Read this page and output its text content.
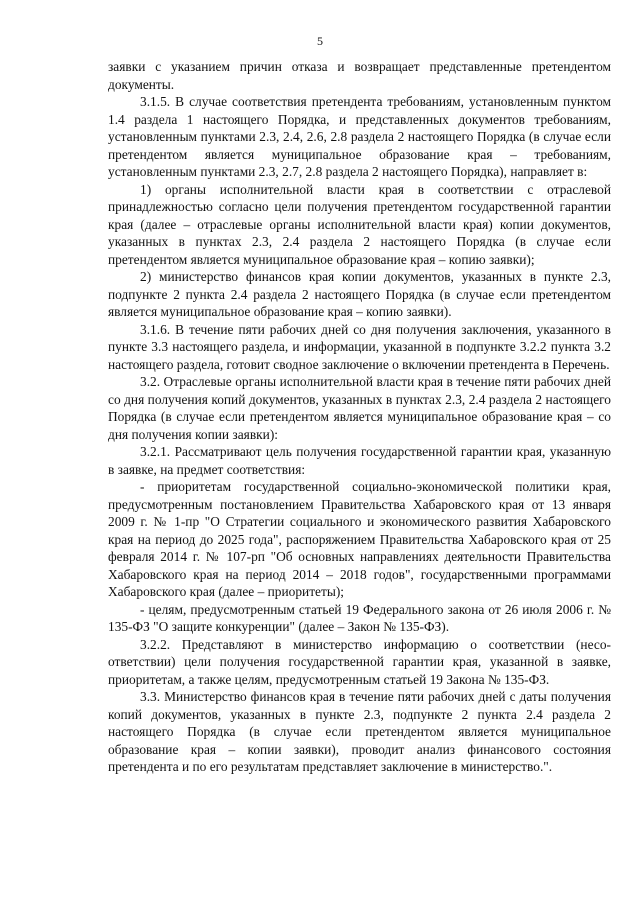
5

заявки с указанием причин отказа и возвращает представленные претендентом документы.

3.1.5. В случае соответствия претендента требованиям, установленным пунктом 1.4 раздела 1 настоящего Порядка, и представленных документов требованиям, установленным пунктами 2.3, 2.4, 2.6, 2.8 раздела 2 настоящего Порядка (в случае если претендентом является муниципальное образование края – требованиям, установленным пунктами 2.3, 2.7, 2.8 раздела 2 настоящего Порядка), направляет в:

1) органы исполнительной власти края в соответствии с отраслевой принадлежностью согласно цели получения претендентом государственной гарантии края (далее – отраслевые органы исполнительной власти края) копии документов, указанных в пунктах 2.3, 2.4 раздела 2 настоящего Порядка (в случае если претендентом является муниципальное образование края – копию заявки);

2) министерство финансов края копии документов, указанных в пункте 2.3, подпункте 2 пункта 2.4 раздела 2 настоящего Порядка (в случае если претендентом является муниципальное образование края – копию заявки).

3.1.6. В течение пяти рабочих дней со дня получения заключения, указанного в пункте 3.3 настоящего раздела, и информации, указанной в подпункте 3.2.2 пункта 3.2 настоящего раздела, готовит сводное заключение о включении претендента в Перечень.

3.2. Отраслевые органы исполнительной власти края в течение пяти рабочих дней со дня получения копий документов, указанных в пунктах 2.3, 2.4 раздела 2 настоящего Порядка (в случае если претендентом является муниципальное образование края – со дня получения копии заявки):

3.2.1. Рассматривают цель получения государственной гарантии края, указанную в заявке, на предмет соответствия:

- приоритетам государственной социально-экономической политики края, предусмотренным постановлением Правительства Хабаровского края от 13 января 2009 г. № 1-пр "О Стратегии социального и экономического развития Хабаровского края на период до 2025 года", распоряжением Правительства Хабаровского края от 25 февраля 2014 г. № 107-рп "Об основных направлениях деятельности Правительства Хабаровского края на период 2014 – 2018 годов", государственными программами Хабаровского края (далее – приоритеты);

- целям, предусмотренным статьей 19 Федерального закона от 26 июля 2006 г. № 135-ФЗ "О защите конкуренции" (далее – Закон № 135-ФЗ).

3.2.2. Представляют в министерство информацию о соответствии (несоответствии) цели получения государственной гарантии края, указанной в заявке, приоритетам, а также целям, предусмотренным статьей 19 Закона № 135-ФЗ.

3.3. Министерство финансов края в течение пяти рабочих дней с даты получения копий документов, указанных в пункте 2.3, подпункте 2 пункта 2.4 раздела 2 настоящего Порядка (в случае если претендентом является муниципальное образование края – копии заявки), проводит анализ финансового состояния претендента и по его результатам представляет заключение в министерство.".
